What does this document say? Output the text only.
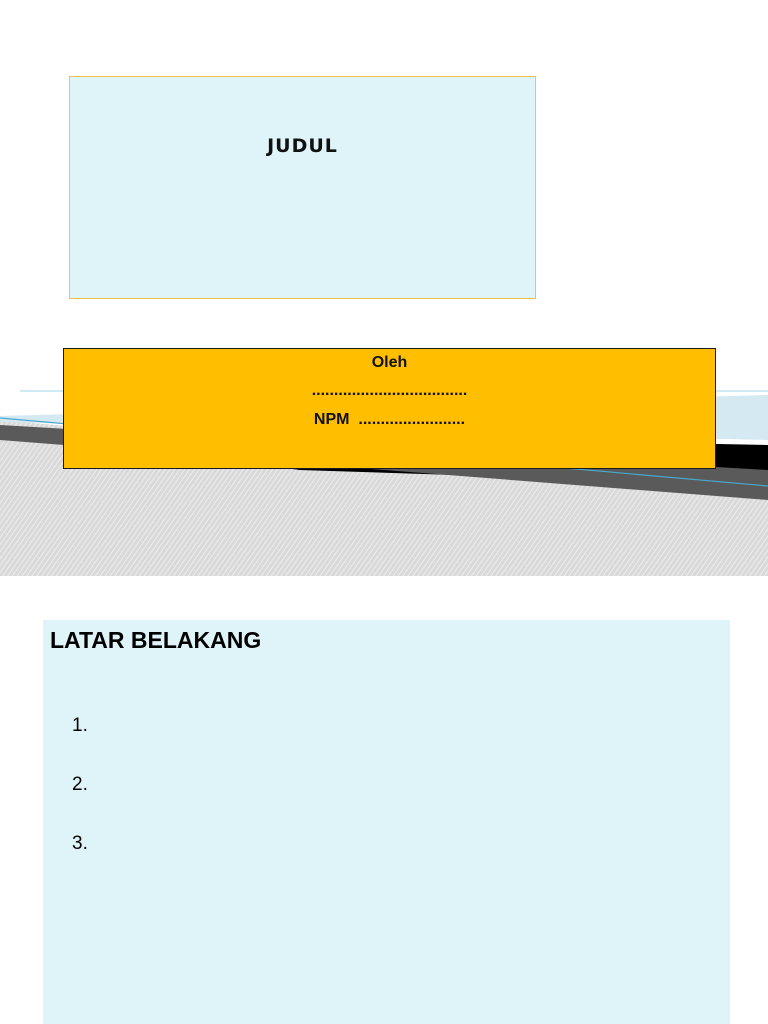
JUDUL
Oleh
...................................
NPM ........................
LATAR BELAKANG
1.
2.
3.
